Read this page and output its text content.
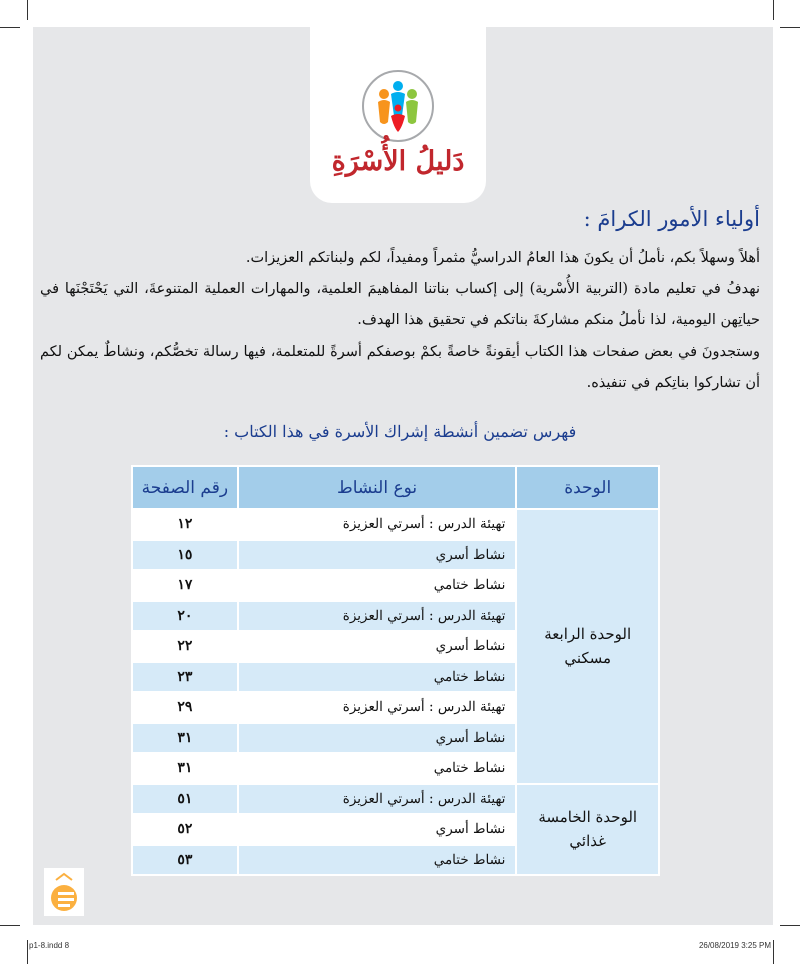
دَليلُ الأُسْرَةِ
أولياء الأمور الكرامَ :

أهلاً وسهلاً بكم، نأملُ أن يكونَ هذا العامُ الدراسيُّ مثمراً ومفيداً، لكم ولبناتكم العزيزات.

نهدفُ في تعليم مادة (التربية الأُسْرية) إلى إكساب بناتنا المفاهيمَ العلمية، والمهارات العملية المتنوعةَ، التي يَحْتَجْنَها في حياتِهن اليومية، لذا نأملُ منكم مشاركةَ بناتكم في تحقيق هذا الهدف.

وستجدونَ في بعض صفحات هذا الكتاب أيقونةً خاصةً بكمْ بوصفكم أسرةً للمتعلمة، فيها رسالة تخصُّكم، ونشاطٌ يمكن لكم أن تشاركوا بناتِكم في تنفيذه.

فهرس تضمين أنشطة إشراك الأسرة في هذا الكتاب :
الوحدة	نوع النشاط	رقم الصفحة
الوحدة الرابعة مسكني	تهيئة الدرس : أسرتي العزيزة	١٢
	نشاط أسري	١٥
	نشاط ختامي	١٧
	تهيئة الدرس : أسرتي العزيزة	٢٠
	نشاط أسري	٢٢
	نشاط ختامي	٢٣
	تهيئة الدرس : أسرتي العزيزة	٢٩
	نشاط أسري	٣١
	نشاط ختامي	٣١
الوحدة الخامسة غذائي	تهيئة الدرس : أسرتي العزيزة	٥١
	نشاط أسري	٥٢
	نشاط ختامي	٥٣
p1-8.indd 8	26/08/2019 3:25 PM
